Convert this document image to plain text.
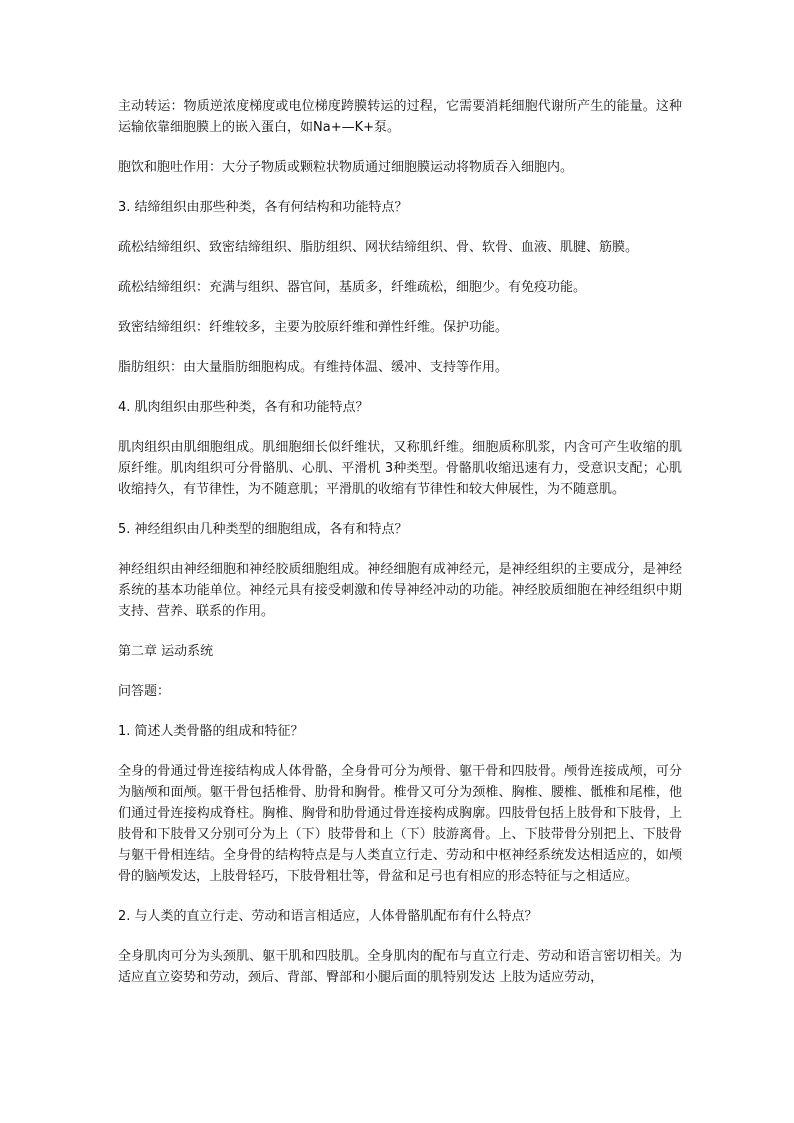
主动转运：物质逆浓度梯度或电位梯度跨膜转运的过程，它需要消耗细胞代谢所产生的能量。这种运输依靠细胞膜上的嵌入蛋白，如Na+—K+泵。

胞饮和胞吐作用：大分子物质或颗粒状物质通过细胞膜运动将物质吞入细胞内。

3. 结缔组织由那些种类，各有何结构和功能特点？

疏松结缔组织、致密结缔组织、脂肪组织、网状结缔组织、骨、软骨、血液、肌腱、筋膜。

疏松结缔组织：充满与组织、器官间，基质多，纤维疏松，细胞少。有免疫功能。

致密结缔组织：纤维较多，主要为胶原纤维和弹性纤维。保护功能。

脂肪组织：由大量脂肪细胞构成。有维持体温、缓冲、支持等作用。

4. 肌肉组织由那些种类，各有和功能特点？

肌肉组织由肌细胞组成。肌细胞细长似纤维状，又称肌纤维。细胞质称肌浆，内含可产生收缩的肌原纤维。肌肉组织可分骨骼肌、心肌、平滑机 3种类型。骨骼肌收缩迅速有力，受意识支配；心肌收缩持久，有节律性，为不随意肌；平滑肌的收缩有节律性和较大伸展性，为不随意肌。

5. 神经组织由几种类型的细胞组成，各有和特点？

神经组织由神经细胞和神经胶质细胞组成。神经细胞有成神经元，是神经组织的主要成分，是神经系统的基本功能单位。神经元具有接受刺激和传导神经冲动的功能。神经胶质细胞在神经组织中期支持、营养、联系的作用。

第二章 运动系统

问答题：

1. 简述人类骨骼的组成和特征？

全身的骨通过骨连接结构成人体骨骼，全身骨可分为颅骨、躯干骨和四肢骨。颅骨连接成颅，可分为脑颅和面颅。躯干骨包括椎骨、肋骨和胸骨。椎骨又可分为颈椎、胸椎、腰椎、骶椎和尾椎，他们通过骨连接构成脊柱。胸椎、胸骨和肋骨通过骨连接构成胸廓。四肢骨包括上肢骨和下肢骨，上肢骨和下肢骨又分别可分为上（下）肢带骨和上（下）肢游离骨。上、下肢带骨分别把上、下肢骨与躯干骨相连结。全身骨的结构特点是与人类直立行走、劳动和中枢神经系统发达相适应的，如颅骨的脑颅发达，上肢骨轻巧，下肢骨粗壮等，骨盆和足弓也有相应的形态特征与之相适应。

2. 与人类的直立行走、劳动和语言相适应，人体骨骼肌配布有什么特点？

全身肌肉可分为头颈肌、躯干肌和四肢肌。全身肌肉的配布与直立行走、劳动和语言密切相关。为适应直立姿势和劳动，颈后、背部、臀部和小腿后面的肌特别发达 上肢为适应劳动，
